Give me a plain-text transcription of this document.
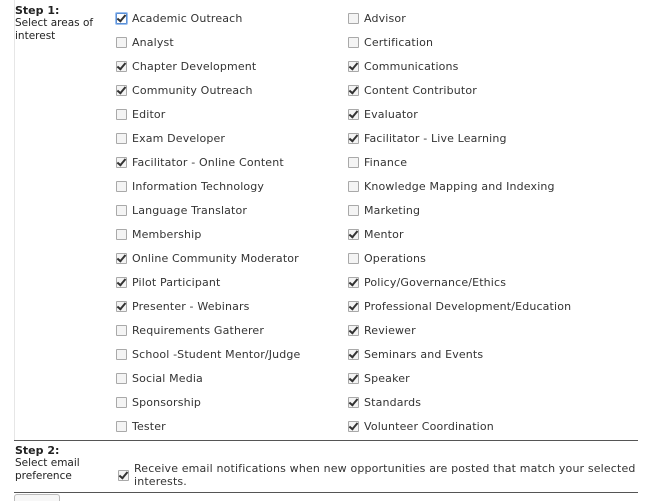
Step 1:
Select areas of interest
Academic Outreach
Analyst
Chapter Development
Community Outreach
Editor
Exam Developer
Facilitator - Online Content
Information Technology
Language Translator
Membership
Online Community Moderator
Pilot Participant
Presenter - Webinars
Requirements Gatherer
School -Student Mentor/Judge
Social Media
Sponsorship
Tester
Advisor
Certification
Communications
Content Contributor
Evaluator
Facilitator - Live Learning
Finance
Knowledge Mapping and Indexing
Marketing
Mentor
Operations
Policy/Governance/Ethics
Professional Development/Education
Reviewer
Seminars and Events
Speaker
Standards
Volunteer Coordination
Step 2:
Select email preference
Receive email notifications when new opportunities are posted that match your selected interests.
